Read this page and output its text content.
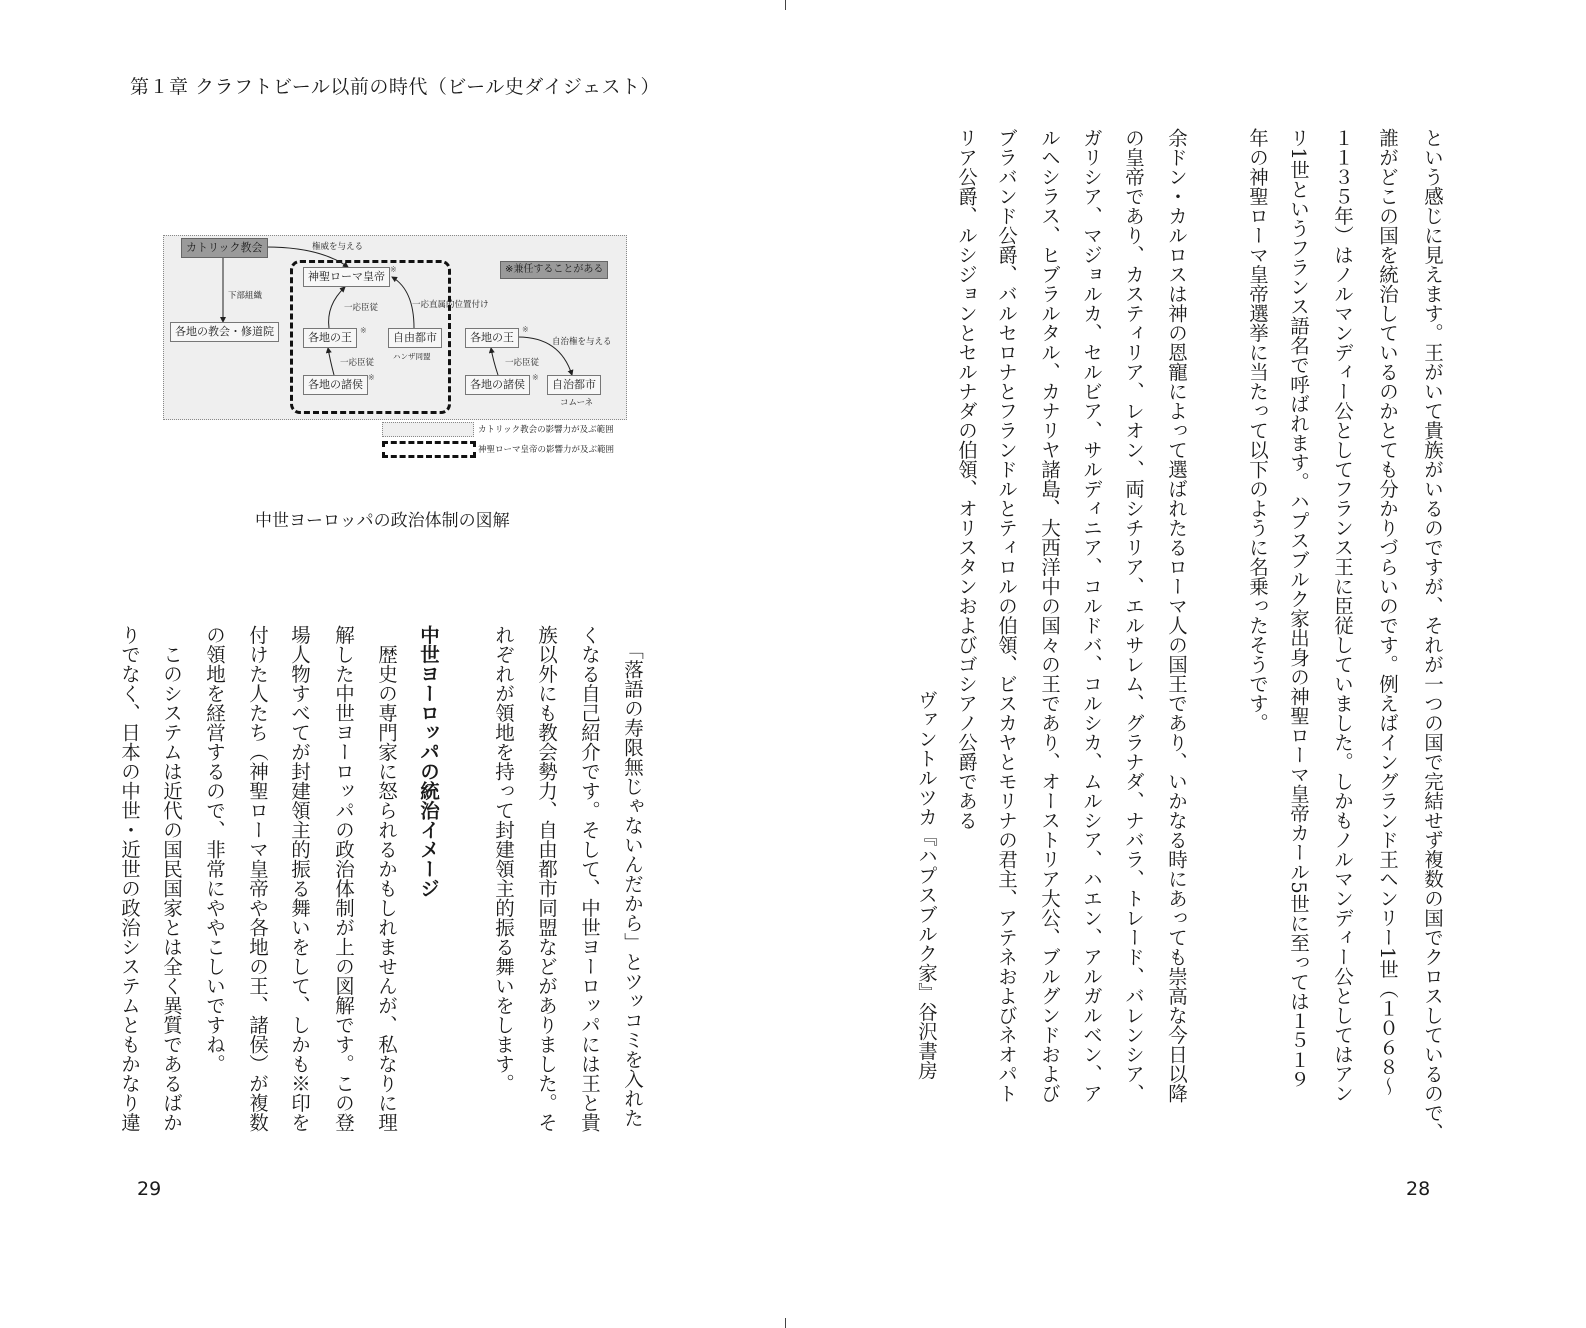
第１章 クラフトビール以前の時代（ビール史ダイジェスト）
カトリック教会	権威を与える
神聖ローマ皇帝
※	※兼任することがある
下部組織
各地の教会・修道院
一応臣従	一応直属的位置付け
各地の王
※
自由都市
ハンザ同盟
一応臣従
各地の諸侯
※
各地の王
※
自治権を与える
一応臣従
各地の諸侯
※
自治都市
コムーネ
カトリック教会の影響力が及ぶ範囲
神聖ローマ皇帝の影響力が及ぶ範囲
中世ヨーロッパの政治体制の図解
「落語の寿限無じゃないんだから」とツッコミを入れた
くなる自己紹介です。そして、中世ヨーロッパには王と貴
族以外にも教会勢力、自由都市同盟などがありました。そ
れぞれが領地を持って封建領主的振る舞いをします。
中世ヨーロッパの統治イメージ
　歴史の専門家に怒られるかもしれませんが、私なりに理
解した中世ヨーロッパの政治体制が上の図解です。この登
場人物すべてが封建領主的振る舞いをして、しかも※印を
付けた人たち（神聖ローマ皇帝や各地の王、諸侯）が複数
の領地を経営するので、非常にややこしいですね。
　このシステムは近代の国民国家とは全く異質であるばか
りでなく、日本の中世・近世の政治システムともかなり違	という感じに見えます。王がいて貴族がいるのですが、それが一つの国で完結せず複数の国でクロスしているので、
誰がどこの国を統治しているのかとても分かりづらいのです。例えばイングランド王ヘンリー1世（１０６８～
１１３５年）はノルマンディー公としてフランス王に臣従していました。しかもノルマンディー公としてはアン
リ1世というフランス語名で呼ばれます。ハプスブルク家出身の神聖ローマ皇帝カール5世に至っては１５１９
年の神聖ローマ皇帝選挙に当たって以下のように名乗ったそうです。
余ドン・カルロスは神の恩寵によって選ばれたるローマ人の国王であり、いかなる時にあっても崇高な今日以降
の皇帝であり、カスティリア、レオン、両シチリア、エルサレム、グラナダ、ナバラ、トレード、バレンシア、
ガリシア、マジョルカ、セルビア、サルディニア、コルドバ、コルシカ、ムルシア、ハエン、アルガルベン、ア
ルヘシラス、ヒブラルタル、カナリヤ諸島、大西洋中の国々の王であり、オーストリア大公、ブルグンドおよび
ブラバンド公爵、バルセロナとフランドルとティロルの伯領、ビスカヤとモリナの君主、アテネおよびネオパト
リア公爵、ルシジョンとセルナダの伯領、オリスタンおよびゴシアノ公爵である
ヴァントルツカ『ハプスブルク家』谷沢書房
29	28
